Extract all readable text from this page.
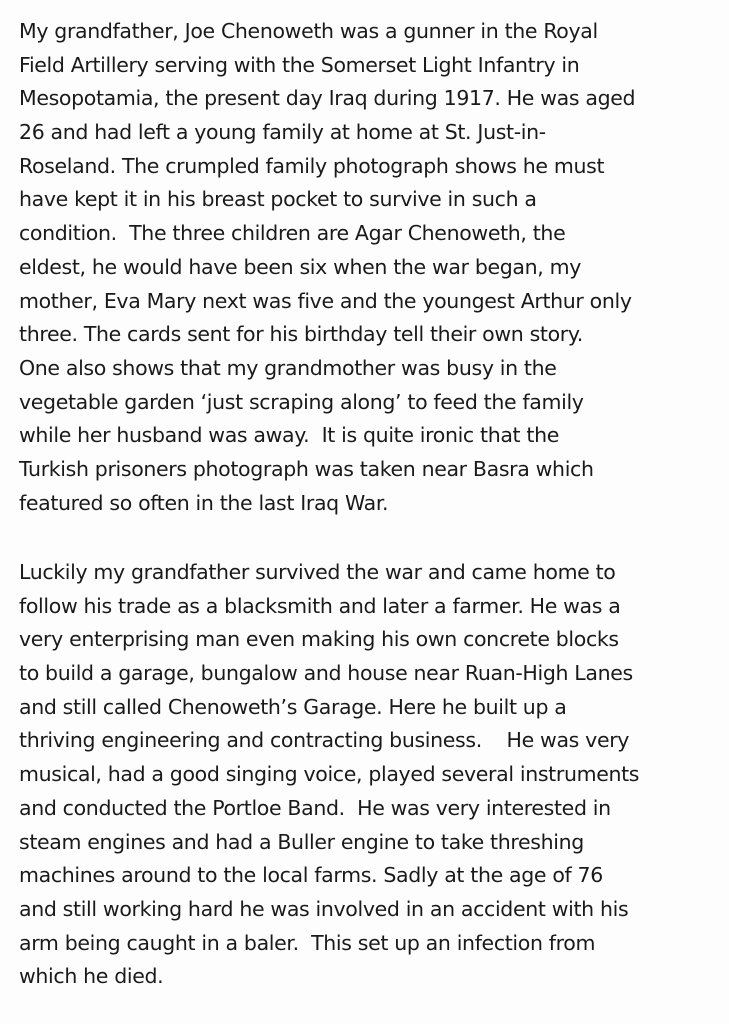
My grandfather, Joe Chenoweth was a gunner in the Royal
Field Artillery serving with the Somerset Light Infantry in
Mesopotamia, the present day Iraq during 1917. He was aged
26 and had left a young family at home at St. Just-in-
Roseland. The crumpled family photograph shows he must
have kept it in his breast pocket to survive in such a
condition.  The three children are Agar Chenoweth, the
eldest, he would have been six when the war began, my
mother, Eva Mary next was five and the youngest Arthur only
three. The cards sent for his birthday tell their own story.
One also shows that my grandmother was busy in the
vegetable garden ‘just scraping along’ to feed the family
while her husband was away.  It is quite ironic that the
Turkish prisoners photograph was taken near Basra which
featured so often in the last Iraq War.

Luckily my grandfather survived the war and came home to
follow his trade as a blacksmith and later a farmer. He was a
very enterprising man even making his own concrete blocks
to build a garage, bungalow and house near Ruan-High Lanes
and still called Chenoweth’s Garage. Here he built up a
thriving engineering and contracting business.    He was very
musical, had a good singing voice, played several instruments
and conducted the Portloe Band.  He was very interested in
steam engines and had a Buller engine to take threshing
machines around to the local farms. Sadly at the age of 76
and still working hard he was involved in an accident with his
arm being caught in a baler.  This set up an infection from
which he died.
